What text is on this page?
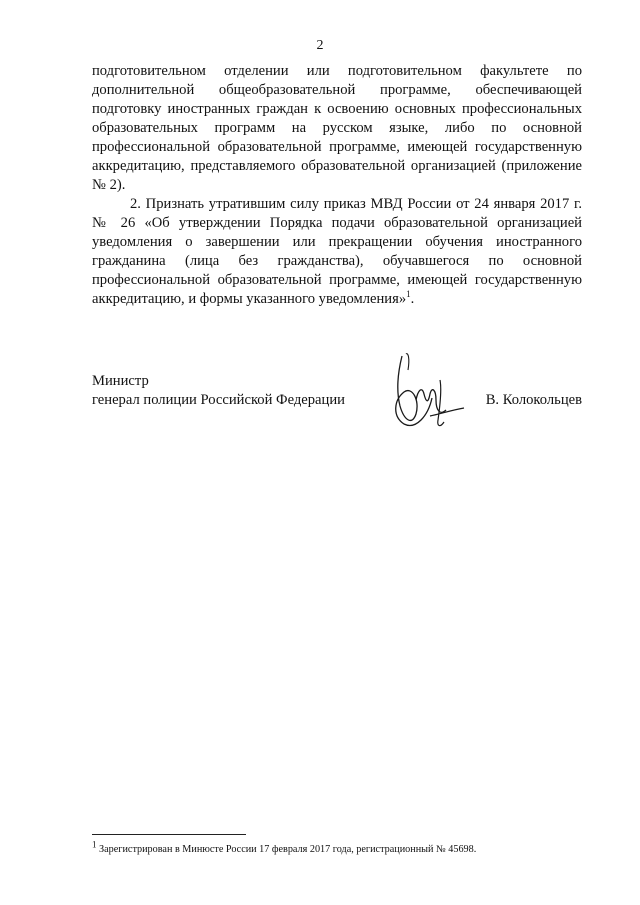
2

подготовительном отделении или подготовительном факультете по дополнительной общеобразовательной программе, обеспечивающей подготовку иностранных граждан к освоению основных профессиональных образовательных программ на русском языке, либо по основной профессиональной образовательной программе, имеющей государственную аккредитацию, представляемого образовательной организацией (приложение № 2).

2. Признать утратившим силу приказ МВД России от 24 января 2017 г. № 26 «Об утверждении Порядка подачи образовательной организацией уведомления о завершении или прекращении обучения иностранного гражданина (лица без гражданства), обучавшегося по основной профессиональной образовательной программе, имеющей государственную аккредитацию, и формы указанного уведомления»$^1$.

Министр
генерал полиции Российской Федерации	В. Колокольцев
$^1$ Зарегистрирован в Минюсте России 17 февраля 2017 года, регистрационный № 45698.
